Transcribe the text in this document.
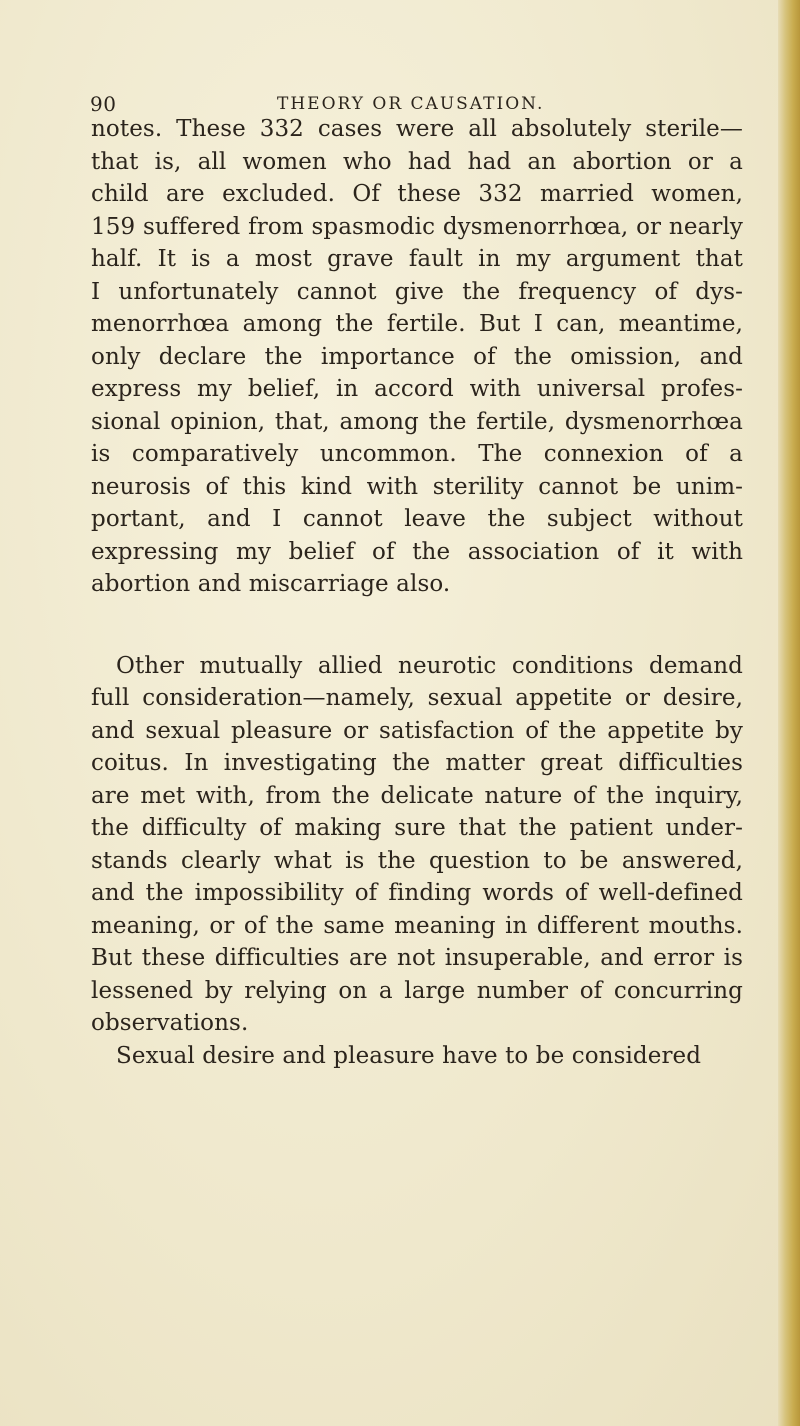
90	THEORY OR CAUSATION.
notes. These 332 cases were all absolutely sterile—
that is, all women who had had an abortion or a
child are excluded. Of these 332 married women,
159 suffered from spasmodic dysmenorrhœa, or nearly
half. It is a most grave fault in my argument that
I unfortunately cannot give the frequency of dys-
menorrhœa among the fertile. But I can, meantime,
only declare the importance of the omission, and
express my belief, in accord with universal profes-
sional opinion, that, among the fertile, dysmenorrhœa
is comparatively uncommon. The connexion of a
neurosis of this kind with sterility cannot be unim-
portant, and I cannot leave the subject without
expressing my belief of the association of it with
abortion and miscarriage also.
Other mutually allied neurotic conditions demand
full consideration—namely, sexual appetite or desire,
and sexual pleasure or satisfaction of the appetite by
coitus. In investigating the matter great difficulties
are met with, from the delicate nature of the inquiry,
the difficulty of making sure that the patient under-
stands clearly what is the question to be answered,
and the impossibility of finding words of well-defined
meaning, or of the same meaning in different mouths.
But these difficulties are not insuperable, and error is
lessened by relying on a large number of concurring
observations.
Sexual desire and pleasure have to be considered
